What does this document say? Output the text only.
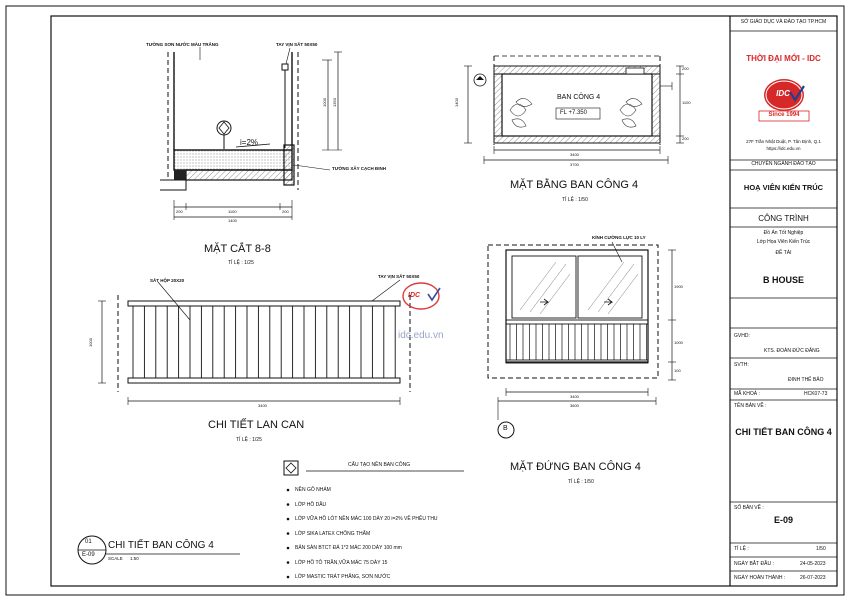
TƯỜNG SƠN NƯỚC MÀU TRẮNG	TAY VỊN SẮT 50X50
i=2%
TƯỜNG XÂY CẠCH ĐINH
200	1100	200
1400
1000 1350
MẶT CẮT 8-8
TỈ LỆ : 1/25
BAN CÔNG 4
FL +7.350
3400
3700
1400
200
1100
200
MẶT BẰNG BAN CÔNG 4
TỈ LỆ : 1/50
SẮT HỘP 20X20
TAY VỊN SẮT 50X50
3400
1000
CHI TIẾT LAN CAN
TỈ LỆ : 1/25
KÍNH CƯỜNG LỰC 10 LY
B
3400
3600
1900
1000
100
MẶT ĐỨNG BAN CÔNG 4
TỈ LỆ : 1/50
CẤU TẠO NỀN BAN CÔNG
NỀN GỖ NHÁM
LỚP HỒ DẦU
LỚP VỮA HỒ LÓT NỀN MÁC 100 DÀY 20 i=2% VỀ PHỄU THU
LỚP SIKA LATEX CHỐNG THẤM
BẢN SÀN BTCT ĐÁ 1*2 MÁC 200 DÀY 100 mm
LỚP HỒ TÔ TRẦN,VỮA MÁC 75 DÀY 15
LỚP MASTIC TRÁT PHẲNG, SƠN NƯỚC
01
E-09
CHI TIẾT BAN CÔNG 4
SCALE 1:50
idc.edu.vn
IDC
SỞ GIÁO DỤC VÀ ĐÀO TẠO TP.HCM
THỜI ĐẠI MỚI - IDC
IDC
Since 1994
27F Trần Nhật Duật, P. Tân Định, Q.1
https://idc.edu.vn
CHUYÊN NGÀNH ĐÀO TẠO
HOẠ VIÊN KIẾN TRÚC
CÔNG TRÌNH
Đồ Án Tốt Nghiệp
Lớp Họa Viên Kiến Trúc
ĐỀ TÀI
B HOUSE
GVHD:
KTS. ĐOÀN ĐỨC ĐĂNG
SVTH:
ĐINH THẾ BẢO
MÃ KHOÁ :	HCK07-73
TÊN BẢN VẼ :
CHI TIẾT BAN CÔNG 4
SỐ BẢN VẼ :
E-09
TỈ LỆ :	1/50
NGÀY BẮT ĐẦU :	24-05-2023
NGÀY HOÀN THÀNH :	26-07-2023
